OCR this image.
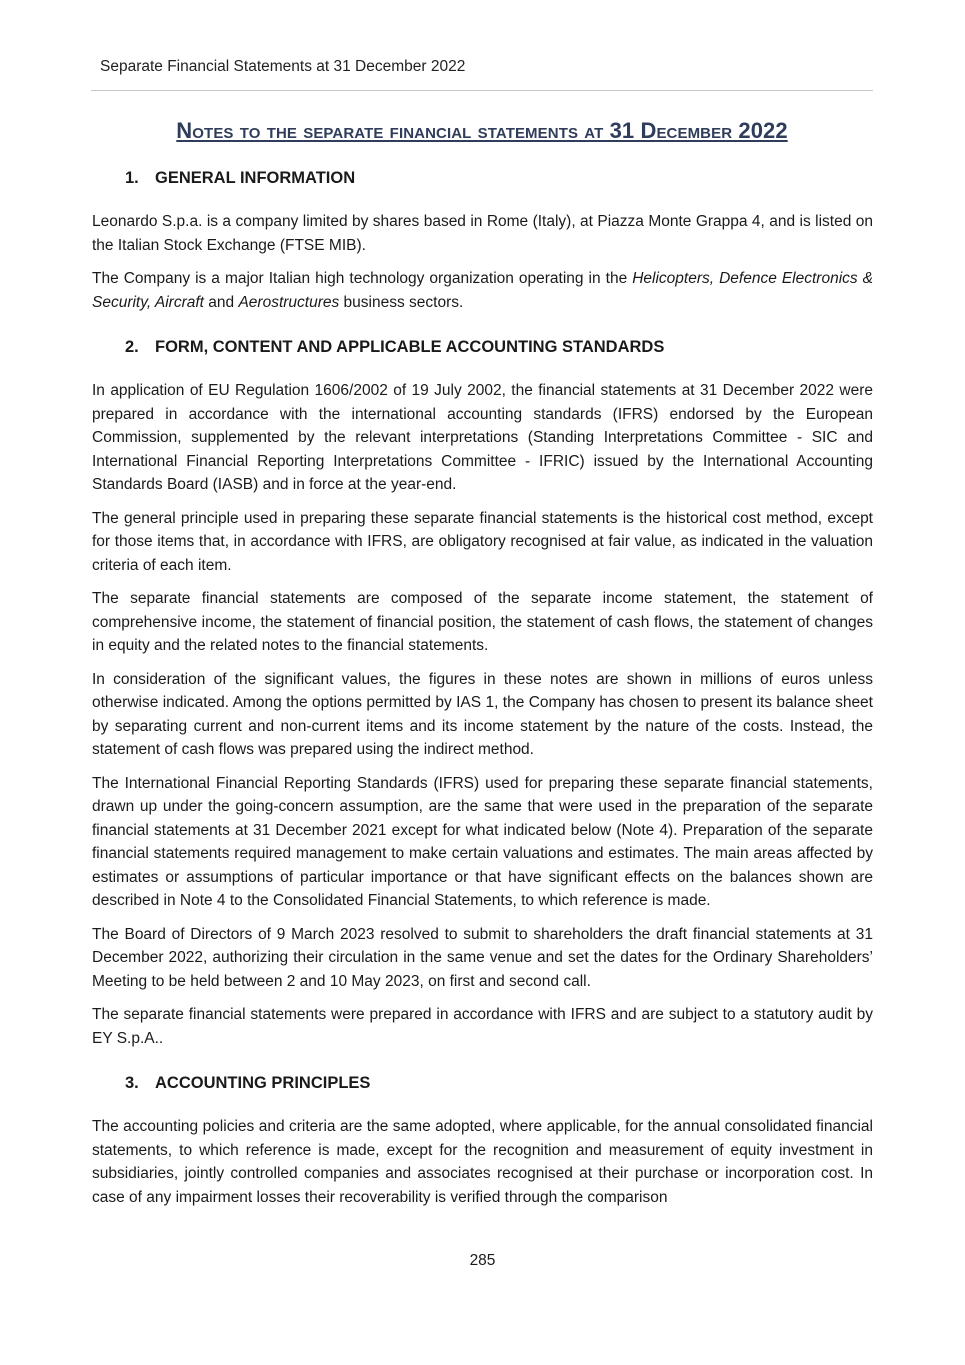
Separate Financial Statements at 31 December 2022
Notes to the separate financial statements at 31 December 2022
1. GENERAL INFORMATION

Leonardo S.p.a. is a company limited by shares based in Rome (Italy), at Piazza Monte Grappa 4, and is listed on the Italian Stock Exchange (FTSE MIB).

The Company is a major Italian high technology organization operating in the Helicopters, Defence Electronics & Security, Aircraft and Aerostructures business sectors.

2. FORM, CONTENT AND APPLICABLE ACCOUNTING STANDARDS

In application of EU Regulation 1606/2002 of 19 July 2002, the financial statements at 31 December 2022 were prepared in accordance with the international accounting standards (IFRS) endorsed by the European Commission, supplemented by the relevant interpretations (Standing Interpretations Committee - SIC and International Financial Reporting Interpretations Committee - IFRIC) issued by the International Accounting Standards Board (IASB) and in force at the year-end.

The general principle used in preparing these separate financial statements is the historical cost method, except for those items that, in accordance with IFRS, are obligatory recognised at fair value, as indicated in the valuation criteria of each item.

The separate financial statements are composed of the separate income statement, the statement of comprehensive income, the statement of financial position, the statement of cash flows, the statement of changes in equity and the related notes to the financial statements.

In consideration of the significant values, the figures in these notes are shown in millions of euros unless otherwise indicated. Among the options permitted by IAS 1, the Company has chosen to present its balance sheet by separating current and non-current items and its income statement by the nature of the costs. Instead, the statement of cash flows was prepared using the indirect method.

The International Financial Reporting Standards (IFRS) used for preparing these separate financial statements, drawn up under the going-concern assumption, are the same that were used in the preparation of the separate financial statements at 31 December 2021 except for what indicated below (Note 4). Preparation of the separate financial statements required management to make certain valuations and estimates. The main areas affected by estimates or assumptions of particular importance or that have significant effects on the balances shown are described in Note 4 to the Consolidated Financial Statements, to which reference is made.

The Board of Directors of 9 March 2023 resolved to submit to shareholders the draft financial statements at 31 December 2022, authorizing their circulation in the same venue and set the dates for the Ordinary Shareholders’ Meeting to be held between 2 and 10 May 2023, on first and second call.

The separate financial statements were prepared in accordance with IFRS and are subject to a statutory audit by EY S.p.A..

3. ACCOUNTING PRINCIPLES

The accounting policies and criteria are the same adopted, where applicable, for the annual consolidated financial statements, to which reference is made, except for the recognition and measurement of equity investment in subsidiaries, jointly controlled companies and associates recognised at their purchase or incorporation cost. In case of any impairment losses their recoverability is verified through the comparison

285
